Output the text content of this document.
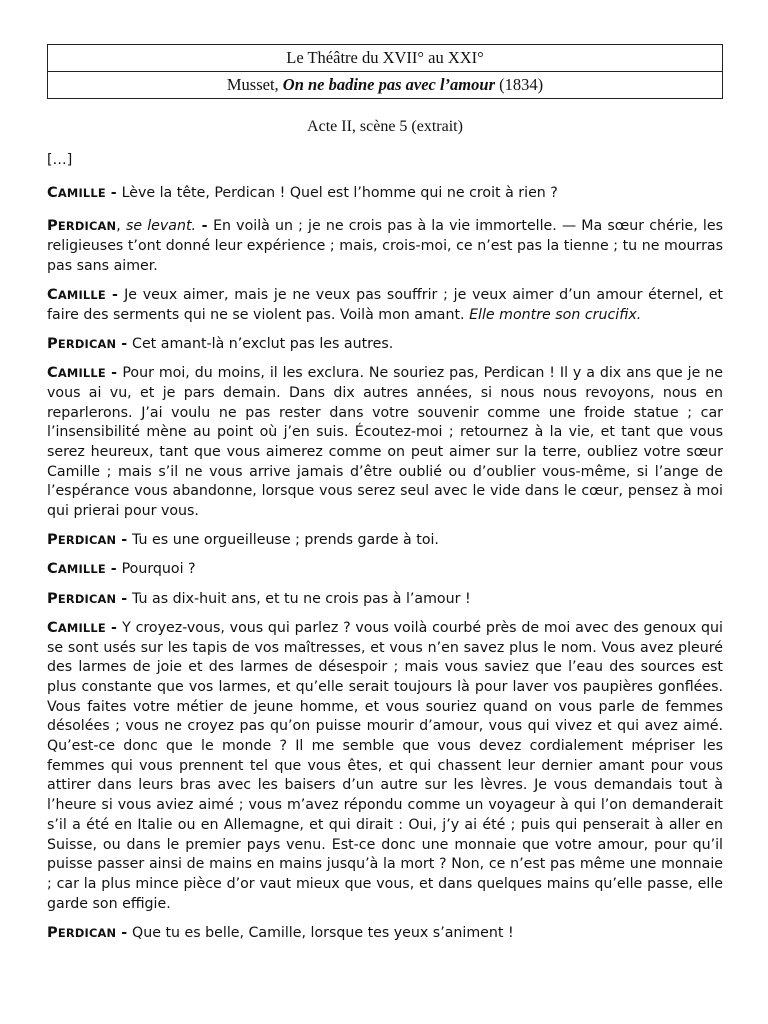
Le Théâtre du XVII° au XXI°
Musset, On ne badine pas avec l’amour (1834)
Acte II, scène 5 (extrait)
[…]

CAMILLE - Lève la tête, Perdican ! Quel est l’homme qui ne croit à rien ?

PERDICAN, se levant. - En voilà un ; je ne crois pas à la vie immortelle. — Ma sœur chérie, les religieuses t’ont donné leur expérience ; mais, crois-moi, ce n’est pas la tienne ; tu ne mourras pas sans aimer.

CAMILLE - Je veux aimer, mais je ne veux pas souffrir ; je veux aimer d’un amour éternel, et faire des serments qui ne se violent pas. Voilà mon amant. Elle montre son crucifix.

PERDICAN - Cet amant-là n’exclut pas les autres.

CAMILLE - Pour moi, du moins, il les exclura. Ne souriez pas, Perdican ! Il y a dix ans que je ne vous ai vu, et je pars demain. Dans dix autres années, si nous nous revoyons, nous en reparlerons. J’ai voulu ne pas rester dans votre souvenir comme une froide statue ; car l’insensibilité mène au point où j’en suis. Écoutez-moi ; retournez à la vie, et tant que vous serez heureux, tant que vous aimerez comme on peut aimer sur la terre, oubliez votre sœur Camille ; mais s’il ne vous arrive jamais d’être oublié ou d’oublier vous-même, si l’ange de l’espérance vous abandonne, lorsque vous serez seul avec le vide dans le cœur, pensez à moi qui prierai pour vous.

PERDICAN - Tu es une orgueilleuse ; prends garde à toi.

CAMILLE - Pourquoi ?

PERDICAN - Tu as dix-huit ans, et tu ne crois pas à l’amour !

CAMILLE - Y croyez-vous, vous qui parlez ? vous voilà courbé près de moi avec des genoux qui se sont usés sur les tapis de vos maîtresses, et vous n’en savez plus le nom. Vous avez pleuré des larmes de joie et des larmes de désespoir ; mais vous saviez que l’eau des sources est plus constante que vos larmes, et qu’elle serait toujours là pour laver vos paupières gonflées. Vous faites votre métier de jeune homme, et vous souriez quand on vous parle de femmes désolées ; vous ne croyez pas qu’on puisse mourir d’amour, vous qui vivez et qui avez aimé. Qu’est-ce donc que le monde ? Il me semble que vous devez cordialement mépriser les femmes qui vous prennent tel que vous êtes, et qui chassent leur dernier amant pour vous attirer dans leurs bras avec les baisers d’un autre sur les lèvres. Je vous demandais tout à l’heure si vous aviez aimé ; vous m’avez répondu comme un voyageur à qui l’on demanderait s’il a été en Italie ou en Allemagne, et qui dirait : Oui, j’y ai été ; puis qui penserait à aller en Suisse, ou dans le premier pays venu. Est-ce donc une monnaie que votre amour, pour qu’il puisse passer ainsi de mains en mains jusqu’à la mort ? Non, ce n’est pas même une monnaie ; car la plus mince pièce d’or vaut mieux que vous, et dans quelques mains qu’elle passe, elle garde son effigie.

PERDICAN - Que tu es belle, Camille, lorsque tes yeux s’animent !
